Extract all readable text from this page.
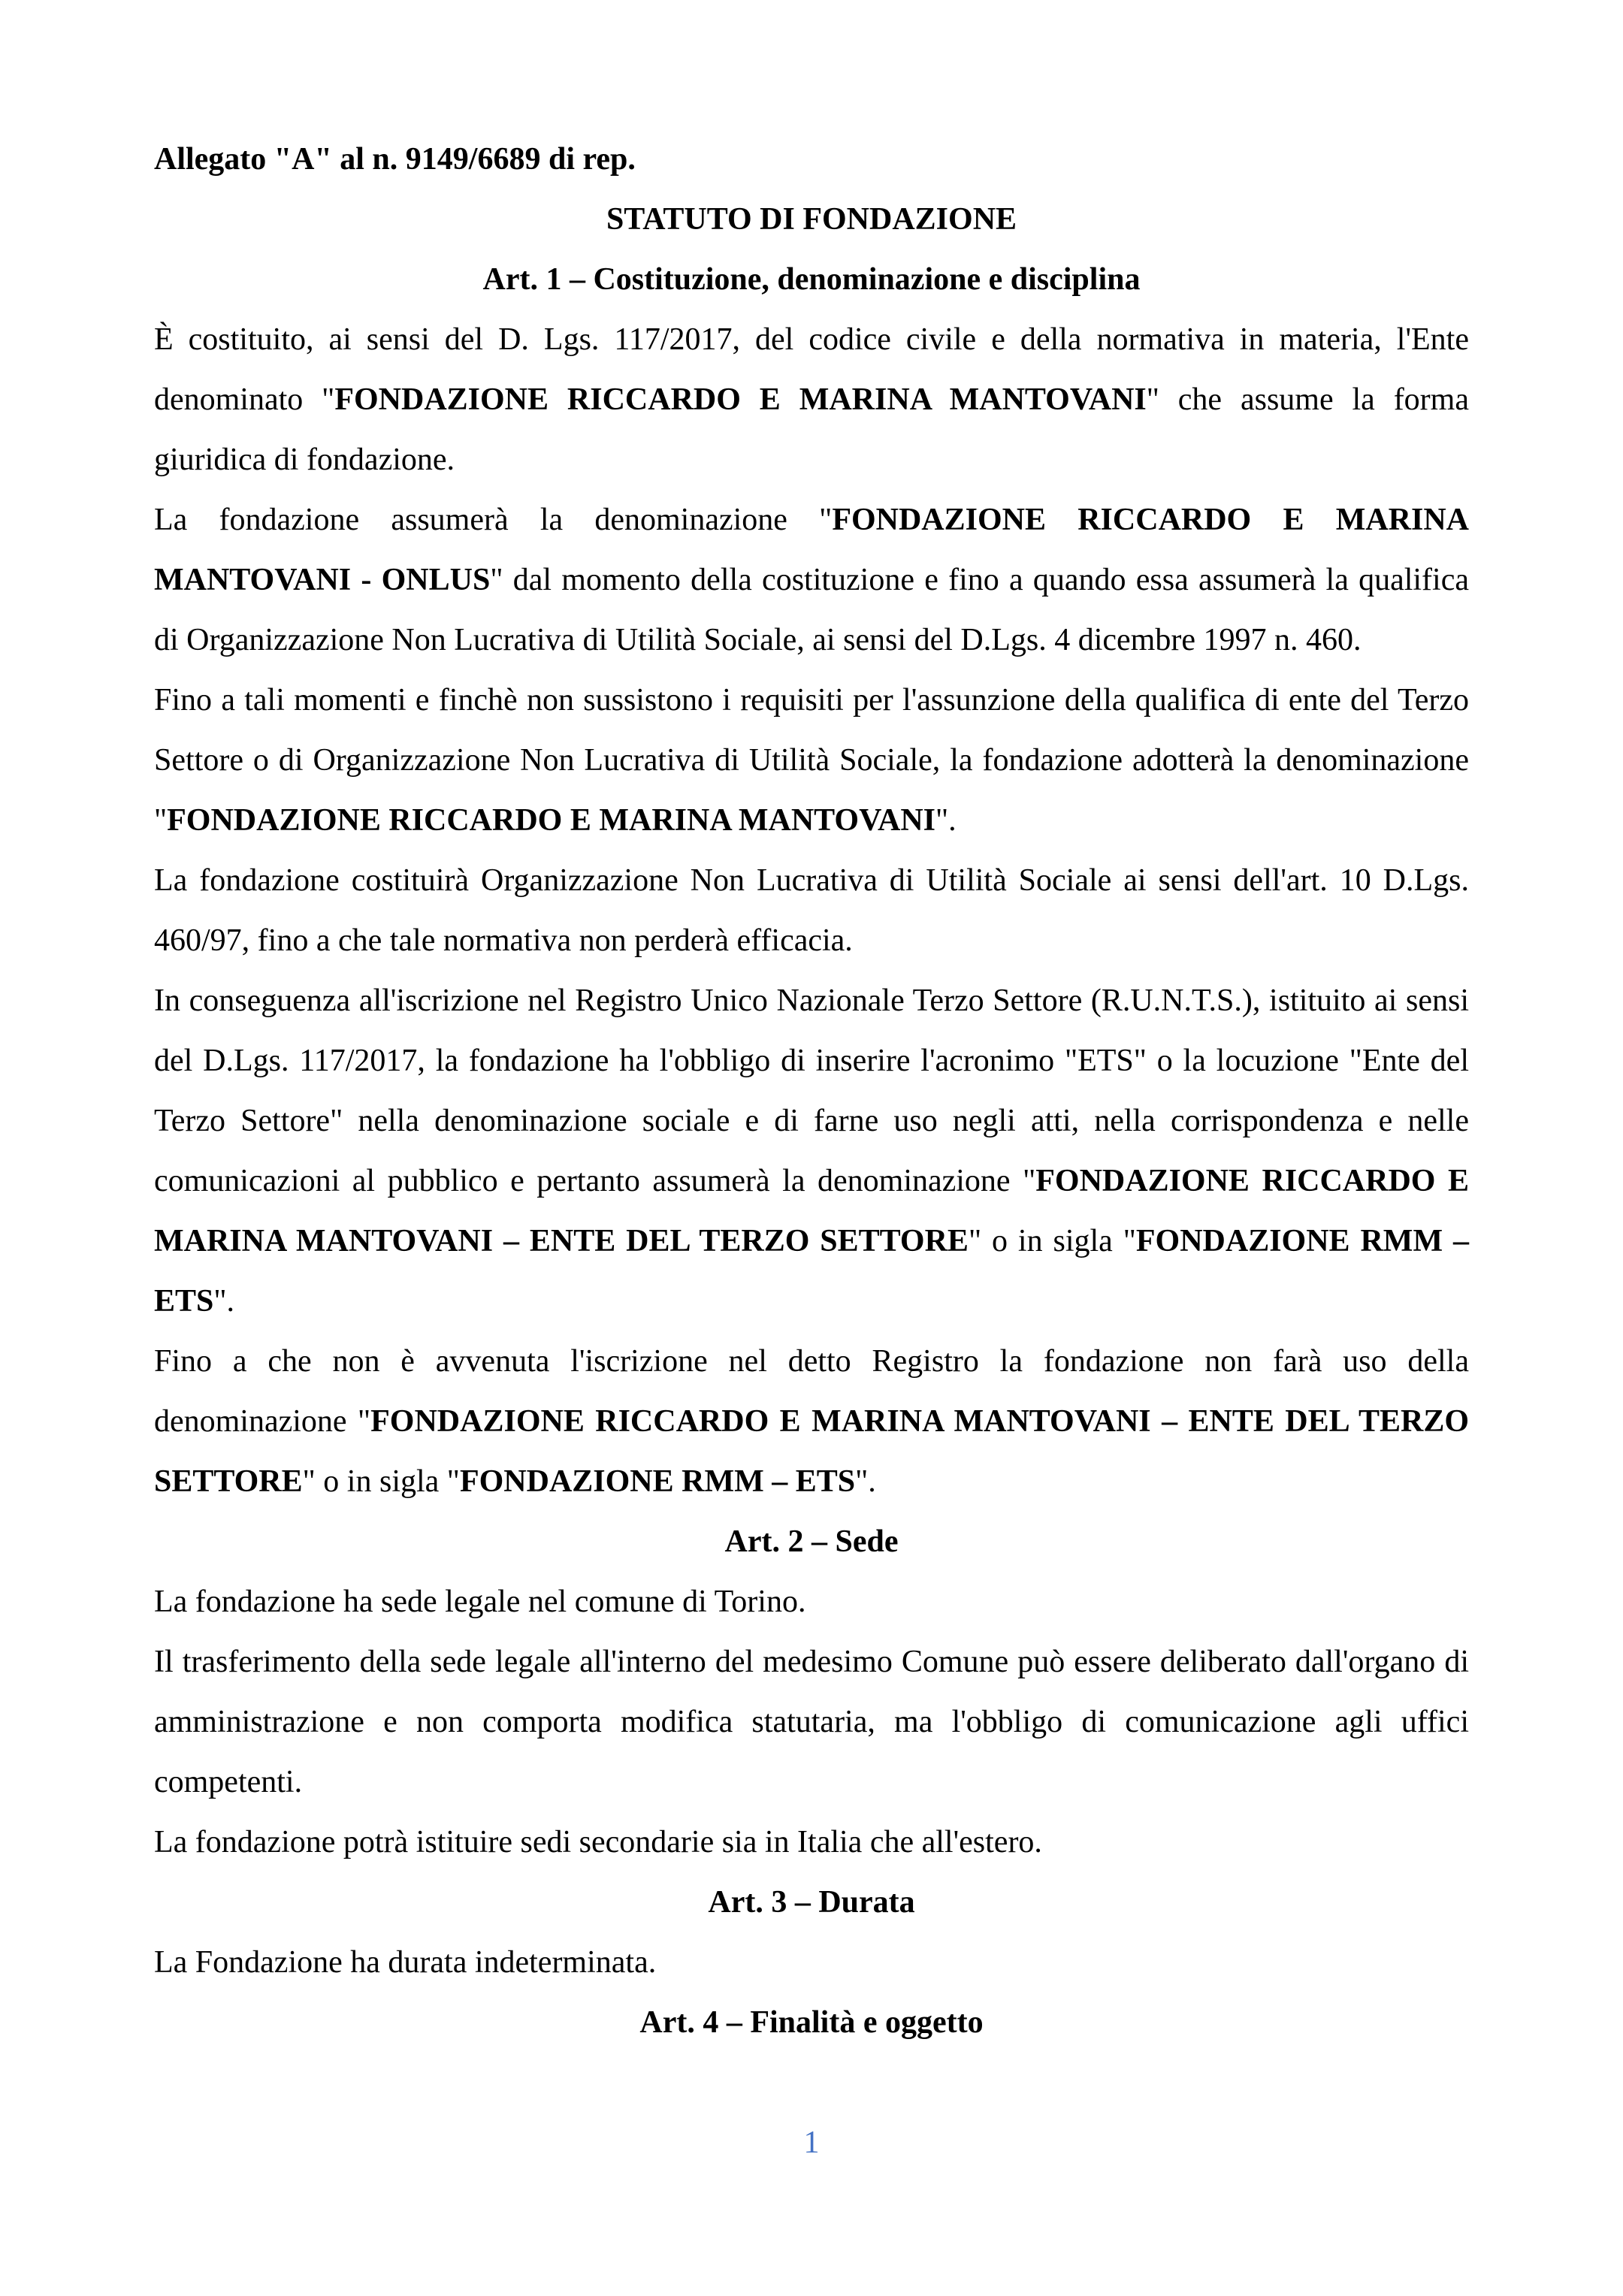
Allegato "A" al n. 9149/6689 di rep.

STATUTO DI FONDAZIONE

Art. 1 – Costituzione, denominazione e disciplina

È costituito, ai sensi del D. Lgs. 117/2017, del codice civile e della normativa in materia, l'Ente denominato "FONDAZIONE RICCARDO E MARINA MANTOVANI" che assume la forma giuridica di fondazione.

La fondazione assumerà la denominazione "FONDAZIONE RICCARDO E MARINA MANTOVANI - ONLUS" dal momento della costituzione e fino a quando essa assumerà la qualifica di Organizzazione Non Lucrativa di Utilità Sociale, ai sensi del D.Lgs. 4 dicembre 1997 n. 460.

Fino a tali momenti e finchè non sussistono i requisiti per l'assunzione della qualifica di ente del Terzo Settore o di Organizzazione Non Lucrativa di Utilità Sociale, la fondazione adotterà la denominazione "FONDAZIONE RICCARDO E MARINA MANTOVANI".

La fondazione costituirà Organizzazione Non Lucrativa di Utilità Sociale ai sensi dell'art. 10 D.Lgs. 460/97, fino a che tale normativa non perderà efficacia.

In conseguenza all'iscrizione nel Registro Unico Nazionale Terzo Settore (R.U.N.T.S.), istituito ai sensi del D.Lgs. 117/2017, la fondazione ha l'obbligo di inserire l'acronimo "ETS" o la locuzione "Ente del Terzo Settore" nella denominazione sociale e di farne uso negli atti, nella corrispondenza e nelle comunicazioni al pubblico e pertanto assumerà la denominazione "FONDAZIONE RICCARDO E MARINA MANTOVANI – ENTE DEL TERZO SETTORE" o in sigla "FONDAZIONE RMM – ETS".

Fino a che non è avvenuta l'iscrizione nel detto Registro la fondazione non farà uso della denominazione "FONDAZIONE RICCARDO E MARINA MANTOVANI – ENTE DEL TERZO SETTORE" o in sigla "FONDAZIONE RMM – ETS".

Art. 2 – Sede

La fondazione ha sede legale nel comune di Torino.

Il trasferimento della sede legale all'interno del medesimo Comune può essere deliberato dall'organo di amministrazione e non comporta modifica statutaria, ma l'obbligo di comunicazione agli uffici competenti.

La fondazione potrà istituire sedi secondarie sia in Italia che all'estero.

Art. 3 – Durata

La Fondazione ha durata indeterminata.

Art. 4 – Finalità e oggetto

1
